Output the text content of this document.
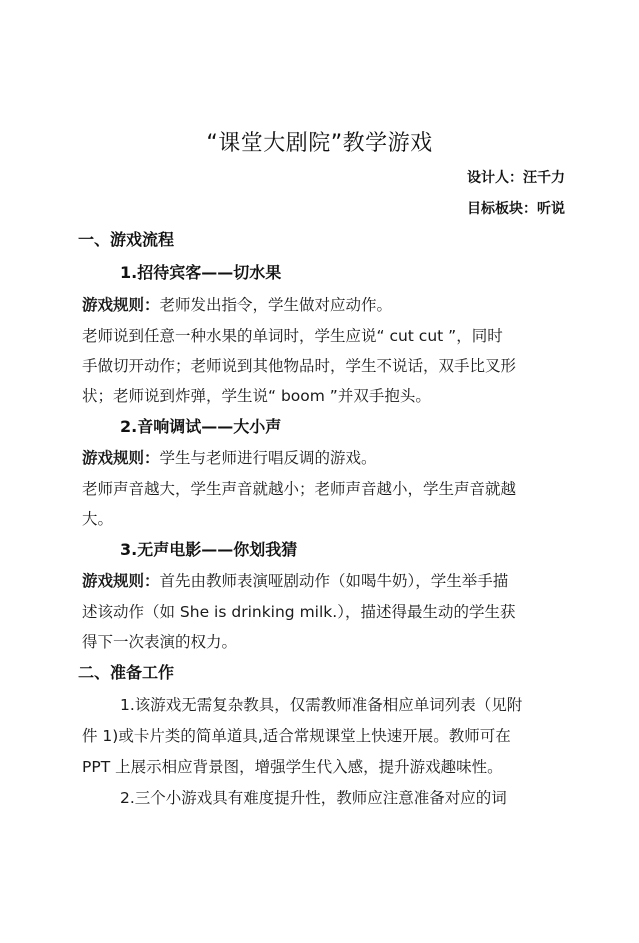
“课堂大剧院”教学游戏
设计人：汪千力
目标板块：听说
一、游戏流程
1.招待宾客——切水果
游戏规则：老师发出指令，学生做对应动作。
老师说到任意一种水果的单词时，学生应说“ cut cut ”，同时
手做切开动作；老师说到其他物品时，学生不说话，双手比叉形
状；老师说到炸弹，学生说“ boom ”并双手抱头。
2.音响调试——大小声
游戏规则：学生与老师进行唱反调的游戏。
老师声音越大，学生声音就越小；老师声音越小，学生声音就越
大。
3.无声电影——你划我猜
游戏规则：首先由教师表演哑剧动作（如喝牛奶），学生举手描
述该动作（如 She is drinking milk.），描述得最生动的学生获
得下一次表演的权力。
二、准备工作
1.该游戏无需复杂教具，仅需教师准备相应单词列表（见附
件 1)或卡片类的简单道具,适合常规课堂上快速开展。教师可在
PPT 上展示相应背景图，增强学生代入感，提升游戏趣味性。
2.三个小游戏具有难度提升性，教师应注意准备对应的词
